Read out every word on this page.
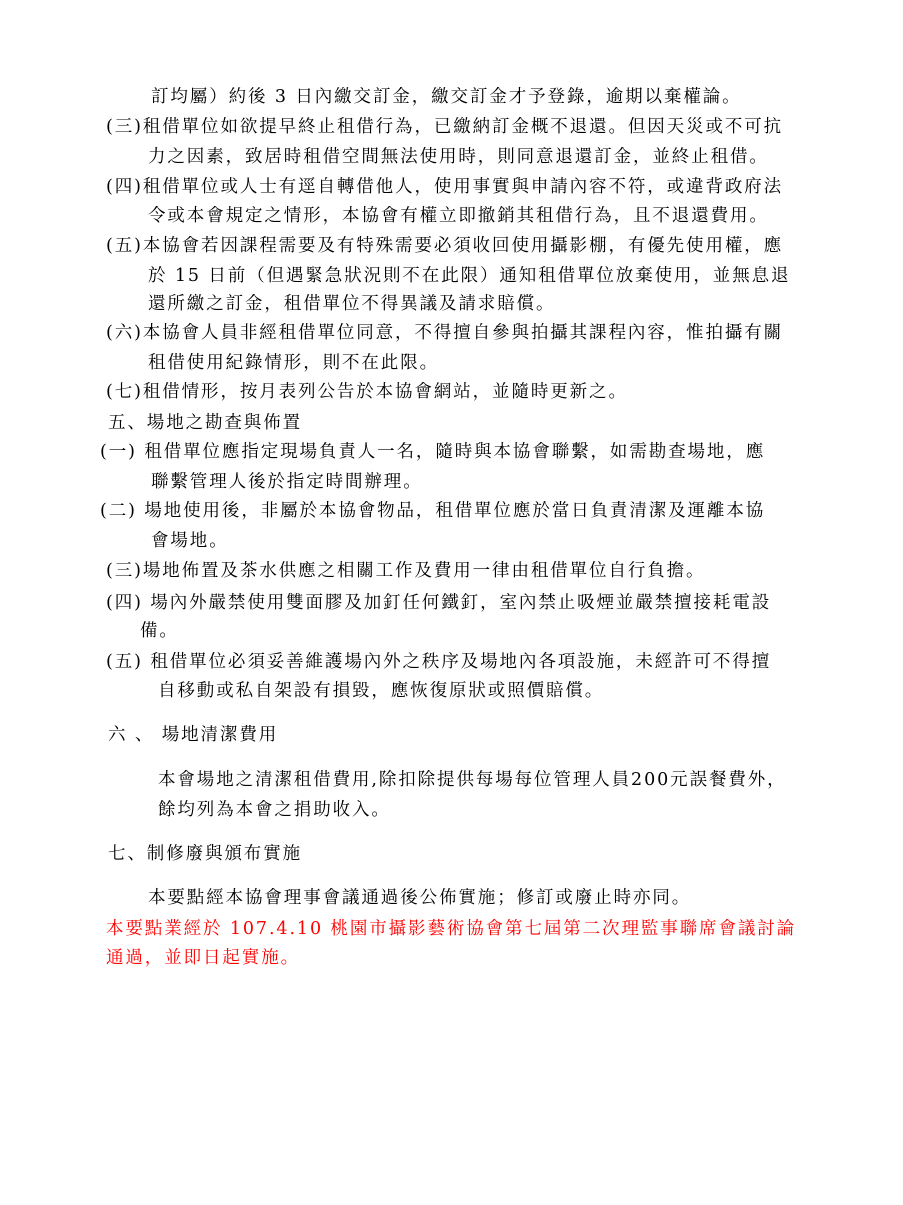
訂均屬）約後 3 日內繳交訂金，繳交訂金才予登錄，逾期以棄權論。
(三)租借單位如欲提早終止租借行為，已繳納訂金概不退還。但因天災或不可抗
力之因素，致居時租借空間無法使用時，則同意退還訂金，並終止租借。
(四)租借單位或人士有逕自轉借他人，使用事實與申請內容不符，或違背政府法
令或本會規定之情形，本協會有權立即撤銷其租借行為，且不退還費用。
(五)本協會若因課程需要及有特殊需要必須收回使用攝影棚，有優先使用權，應
於 15 日前（但遇緊急狀況則不在此限）通知租借單位放棄使用，並無息退
還所繳之訂金，租借單位不得異議及請求賠償。
(六)本協會人員非經租借單位同意，不得擅自參與拍攝其課程內容，惟拍攝有關
租借使用紀錄情形，則不在此限。
(七)租借情形，按月表列公告於本協會網站，並隨時更新之。
五、場地之勘查與佈置
(一) 租借單位應指定現場負責人一名，隨時與本協會聯繫，如需勘查場地，應
聯繫管理人後於指定時間辦理。
(二) 場地使用後，非屬於本協會物品，租借單位應於當日負責清潔及運離本協
會場地。
(三)場地佈置及茶水供應之相關工作及費用一律由租借單位自行負擔。
(四) 場內外嚴禁使用雙面膠及加釘任何鐵釘，室內禁止吸煙並嚴禁擅接耗電設
備。
(五) 租借單位必須妥善維護場內外之秩序及場地內各項設施，未經許可不得擅
自移動或私自架設有損毀，應恢復原狀或照價賠償。
六 、 場地清潔費用
本會場地之清潔租借費用,除扣除提供每場每位管理人員200元誤餐費外，
餘均列為本會之捐助收入。
七、制修廢與頒布實施
本要點經本協會理事會議通過後公佈實施；修訂或廢止時亦同。
本要點業經於 107.4.10 桃園市攝影藝術協會第七屆第二次理監事聯席會議討論
通過，並即日起實施。
